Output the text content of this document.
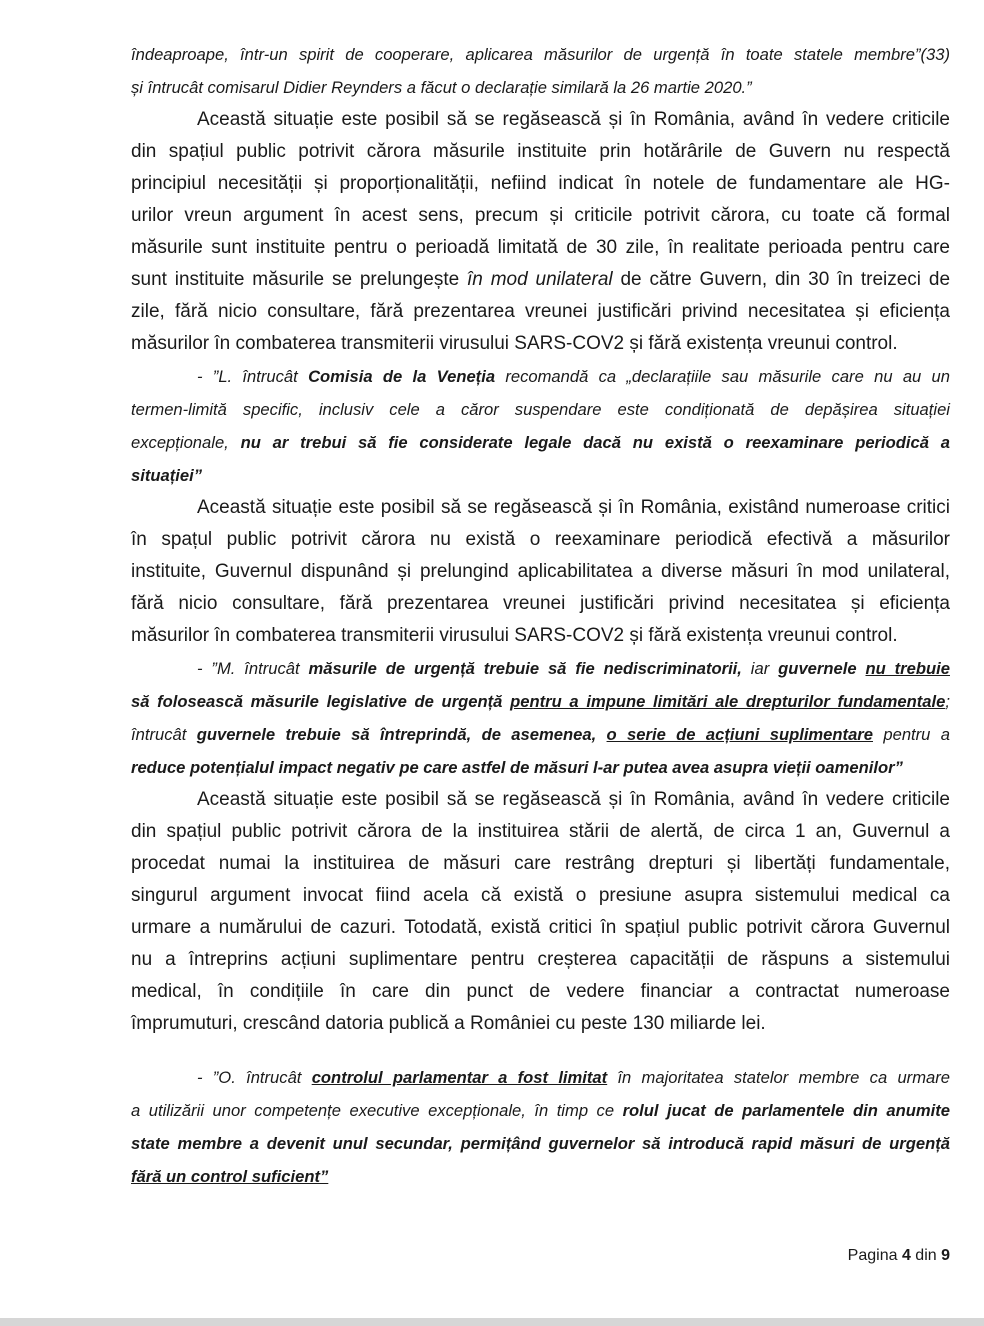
îndeaproape, într-un spirit de cooperare, aplicarea măsurilor de urgență în toate statele membre”(33)
și întrucât comisarul Didier Reynders a făcut o declarație similară la 26 martie 2020.”
Această situație este posibil să se regăsească și în România, având în vedere criticile
din spațiul public potrivit cărora măsurile instituite prin hotărârile de Guvern nu respectă
principiul necesității și proporționalității, nefiind indicat în notele de fundamentare ale HG-
urilor vreun argument în acest sens, precum și criticile potrivit cărora, cu toate că formal
măsurile sunt instituite pentru o perioadă limitată de 30 zile, în realitate perioada pentru care
sunt instituite măsurile se prelungește în mod unilateral de către Guvern, din 30 în treizeci de
zile, fără nicio consultare, fără prezentarea vreunei justificări privind necesitatea și eficiența
măsurilor în combaterea transmiterii virusului SARS-COV2 și fără existența vreunui control.
- ”L. întrucât Comisia de la Veneția recomandă ca „declarațiile sau măsurile care nu au un
termen-limită specific, inclusiv cele a căror suspendare este condiționată de depășirea situației
excepționale, nu ar trebui să fie considerate legale dacă nu există o reexaminare periodică a
situației”
Această situație este posibil să se regăsească și în România, existând numeroase critici
în spațul public potrivit cărora nu există o reexaminare periodică efectivă a măsurilor
instituite, Guvernul dispunând și prelungind aplicabilitatea a diverse măsuri în mod unilateral,
fără nicio consultare, fără prezentarea vreunei justificări privind necesitatea și eficiența
măsurilor în combaterea transmiterii virusului SARS-COV2 și fără existența vreunui control.
- ”M. întrucât măsurile de urgență trebuie să fie nediscriminatorii, iar guvernele nu trebuie
să folosească măsurile legislative de urgență pentru a impune limitări ale drepturilor fundamentale;
întrucât guvernele trebuie să întreprindă, de asemenea, o serie de acțiuni suplimentare pentru a
reduce potențialul impact negativ pe care astfel de măsuri l-ar putea avea asupra vieții oamenilor”
Această situație este posibil să se regăsească și în România, având în vedere criticile
din spațiul public potrivit cărora de la instituirea stării de alertă, de circa 1 an, Guvernul a
procedat numai la instituirea de măsuri care restrâng drepturi și libertăți fundamentale,
singurul argument invocat fiind acela că există o presiune asupra sistemului medical ca
urmare a numărului de cazuri. Totodată, există critici în spațiul public potrivit cărora Guvernul
nu a întreprins acțiuni suplimentare pentru creșterea capacității de răspuns a sistemului
medical, în condițiile în care din punct de vedere financiar a contractat numeroase
împrumuturi, crescând datoria publică a României cu peste 130 miliarde lei.
- ”O. întrucât controlul parlamentar a fost limitat în majoritatea statelor membre ca urmare
a utilizării unor competențe executive excepționale, în timp ce rolul jucat de parlamentele din anumite
state membre a devenit unul secundar, permițând guvernelor să introducă rapid măsuri de urgență
fără un control suficient”
Pagina 4 din 9
